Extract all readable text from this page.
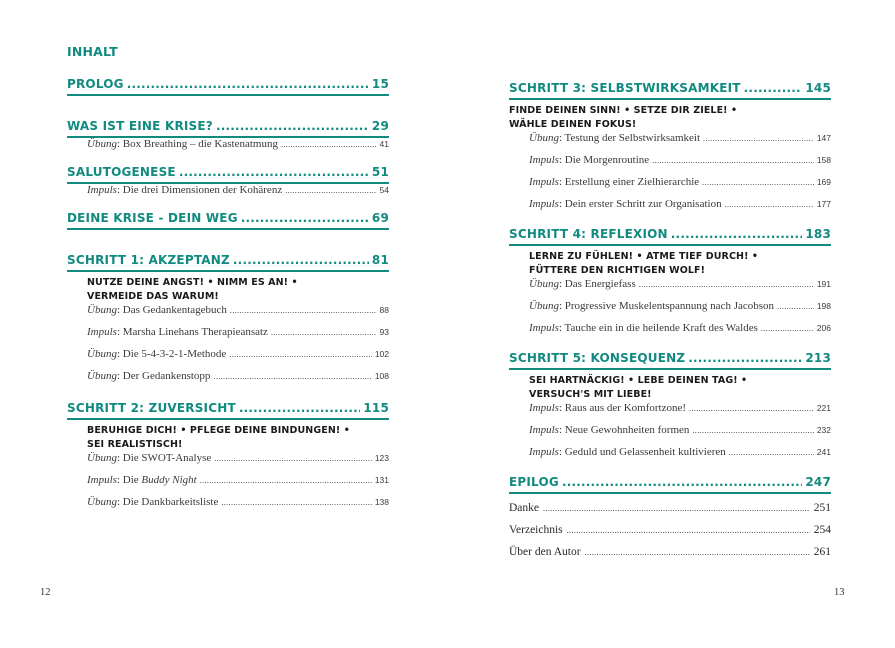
INHALT
PROLOG .....	15
WAS IST EINE KRISE? .....	29
Übung: Box Breathing – die Kastenatmung .....	41
SALUTOGENESE .....	51
Impuls: Die drei Dimensionen der Kohärenz .....	54
DEINE KRISE - DEIN WEG .....	69
SCHRITT 1: AKZEPTANZ .....	81
NUTZE DEINE ANGST! • NIMM ES AN! •
VERMEIDE DAS WARUM!
Übung: Das Gedankentagebuch .....	88
Impuls: Marsha Linehans Therapieansatz .....	93
Übung: Die 5-4-3-2-1-Methode .....	102
Übung: Der Gedankenstopp .....	108
SCHRITT 2: ZUVERSICHT .....	115
BERUHIGE DICH! • PFLEGE DEINE BINDUNGEN! •
SEI REALISTISCH!
Übung: Die SWOT-Analyse .....	123
Impuls: Die Buddy Night .....	131
Übung: Die Dankbarkeitsliste .....	138
12
SCHRITT 3: SELBSTWIRKSAMKEIT .....	145
FINDE DEINEN SINN! • SETZE DIR ZIELE! •
WÄHLE DEINEN FOKUS!
Übung: Testung der Selbstwirksamkeit .....	147
Impuls: Die Morgenroutine .....	158
Impuls: Erstellung einer Zielhierarchie .....	169
Impuls: Dein erster Schritt zur Organisation .....	177
SCHRITT 4: REFLEXION .....	183
LERNE ZU FÜHLEN! • ATME TIEF DURCH! •
FÜTTERE DEN RICHTIGEN WOLF!
Übung: Das Energiefass .....	191
Übung: Progressive Muskelentspannung nach Jacobson .....	198
Impuls: Tauche ein in die heilende Kraft des Waldes .....	206
SCHRITT 5: KONSEQUENZ .....	213
SEI HARTNÄCKIG! • LEBE DEINEN TAG! •
VERSUCH'S MIT LIEBE!
Impuls: Raus aus der Komfortzone! .....	221
Impuls: Neue Gewohnheiten formen .....	232
Impuls: Geduld und Gelassenheit kultivieren .....	241
EPILOG .....	247
Danke .....	251
Verzeichnis .....	254
Über den Autor .....	261
13
